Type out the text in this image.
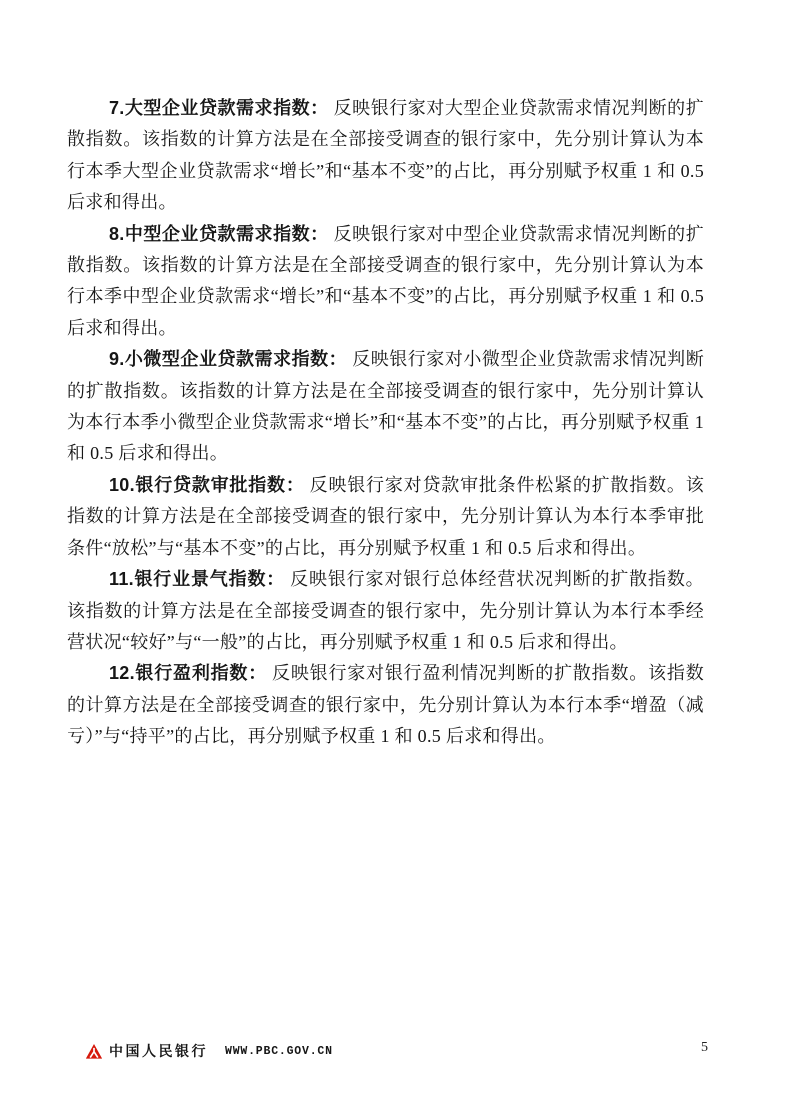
7.大型企业贷款需求指数： 反映银行家对大型企业贷款需求情况判断的扩散指数。该指数的计算方法是在全部接受调查的银行家中，先分别计算认为本行本季大型企业贷款需求“增长”和“基本不变”的占比，再分别赋予权重 1 和 0.5 后求和得出。

8.中型企业贷款需求指数： 反映银行家对中型企业贷款需求情况判断的扩散指数。该指数的计算方法是在全部接受调查的银行家中，先分别计算认为本行本季中型企业贷款需求“增长”和“基本不变”的占比，再分别赋予权重 1 和 0.5 后求和得出。

9.小微型企业贷款需求指数： 反映银行家对小微型企业贷款需求情况判断的扩散指数。该指数的计算方法是在全部接受调查的银行家中，先分别计算认为本行本季小微型企业贷款需求“增长”和“基本不变”的占比，再分别赋予权重 1 和 0.5 后求和得出。

10.银行贷款审批指数： 反映银行家对贷款审批条件松紧的扩散指数。该指数的计算方法是在全部接受调查的银行家中，先分别计算认为本行本季审批条件“放松”与“基本不变”的占比，再分别赋予权重 1 和 0.5 后求和得出。

11.银行业景气指数： 反映银行家对银行总体经营状况判断的扩散指数。该指数的计算方法是在全部接受调查的银行家中，先分别计算认为本行本季经营状况“较好”与“一般”的占比，再分别赋予权重 1 和 0.5 后求和得出。

12.银行盈利指数： 反映银行家对银行盈利情况判断的扩散指数。该指数的计算方法是在全部接受调查的银行家中，先分别计算认为本行本季“增盈（减亏）”与“持平”的占比，再分别赋予权重 1 和 0.5 后求和得出。

中国人民银行 WWW.PBC.GOV.CN	5
